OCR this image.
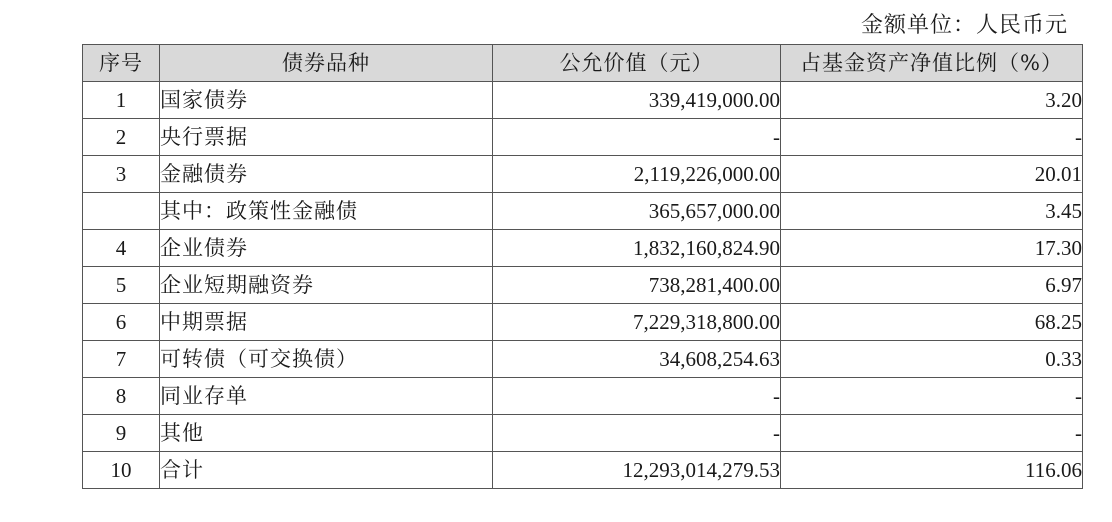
金额单位：人民币元
序号	债券品种	公允价值（元）	占基金资产净值比例（%）
1	国家债券	339,419,000.00	3.20
2	央行票据	-	-
3	金融债券	2,119,226,000.00	20.01
	其中：政策性金融债	365,657,000.00	3.45
4	企业债券	1,832,160,824.90	17.30
5	企业短期融资券	738,281,400.00	6.97
6	中期票据	7,229,318,800.00	68.25
7	可转债（可交换债）	34,608,254.63	0.33
8	同业存单	-	-
9	其他	-	-
10	合计	12,293,014,279.53	116.06
